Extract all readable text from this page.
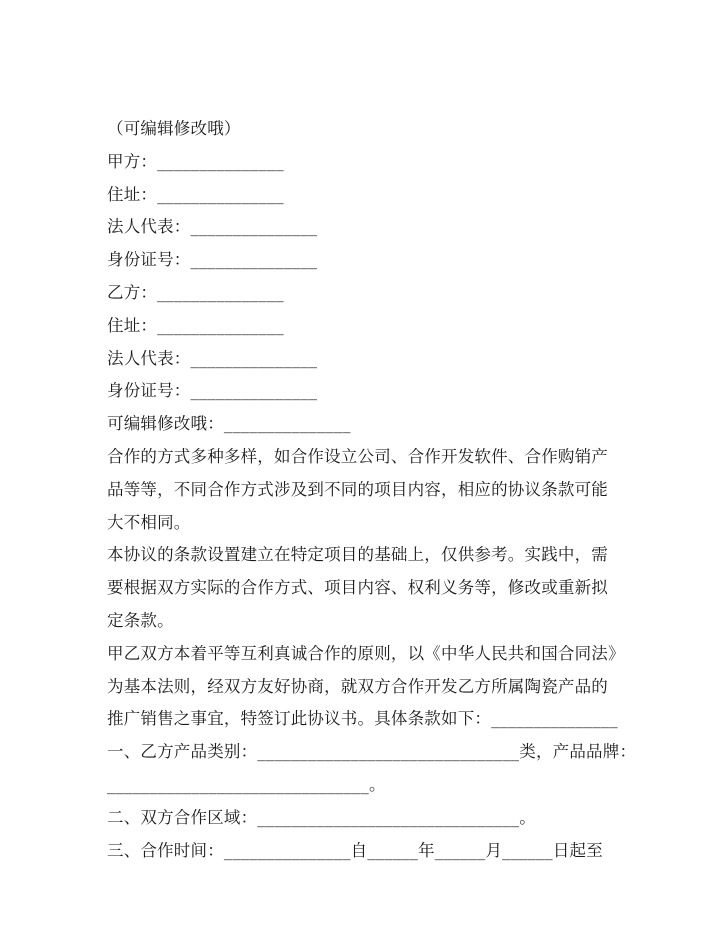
（可编辑修改哦）
甲方：_______________
住址：_______________
法人代表：_______________
身份证号：_______________
乙方：_______________
住址：_______________
法人代表：_______________
身份证号：_______________
可编辑修改哦：_______________
合作的方式多种多样，如合作设立公司、合作开发软件、合作购销产
品等等，不同合作方式涉及到不同的项目内容，相应的协议条款可能
大不相同。
本协议的条款设置建立在特定项目的基础上，仅供参考。实践中，需
要根据双方实际的合作方式、项目内容、权利义务等，修改或重新拟
定条款。
甲乙双方本着平等互利真诚合作的原则，以《中华人民共和国合同法》
为基本法则，经双方友好协商，就双方合作开发乙方所属陶瓷产品的
推广销售之事宜，特签订此协议书。具体条款如下：_______________
一、乙方产品类别：_______________________________类，产品品牌：
_______________________________。
二、双方合作区域：_______________________________。
三、合作时间：_______________自______年______月______日起至
